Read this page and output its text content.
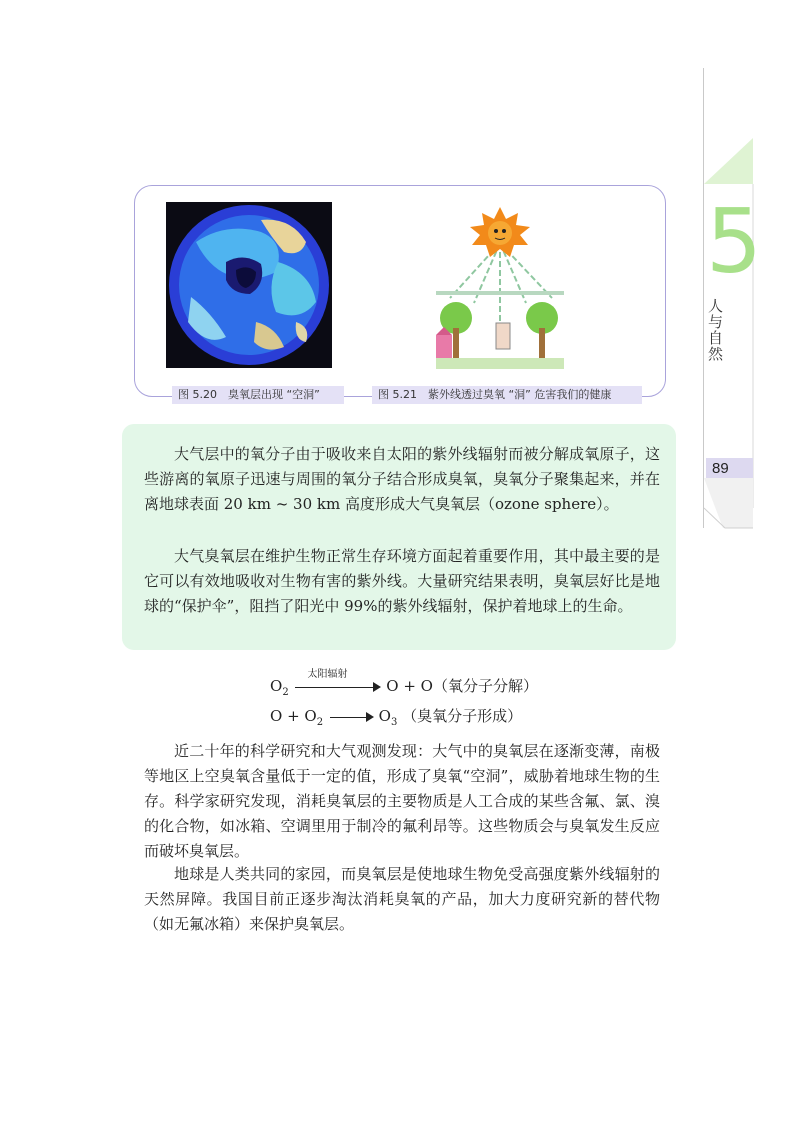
5
人与自然
89
图 5.20　臭氧层出现 “空洞”	图 5.21　紫外线透过臭氧 “洞” 危害我们的健康
大气层中的氧分子由于吸收来自太阳的紫外线辐射而被分解成氧原子，这些游离的氧原子迅速与周围的氧分子结合形成臭氧，臭氧分子聚集起来，并在离地球表面 20 km ~ 30 km 高度形成大气臭氧层（ozone sphere）。
大气臭氧层在维护生物正常生存环境方面起着重要作用，其中最主要的是它可以有效地吸收对生物有害的紫外线。大量研究结果表明，臭氧层好比是地球的“保护伞”，阻挡了阳光中 99%的紫外线辐射，保护着地球上的生命。
$O_2$
太阳辐射
O + O（氧分子分解）
$O + O_2$	$O_3$ （臭氧分子形成）
近二十年的科学研究和大气观测发现：大气中的臭氧层在逐渐变薄，南极等地区上空臭氧含量低于一定的值，形成了臭氧“空洞”，威胁着地球生物的生存。科学家研究发现，消耗臭氧层的主要物质是人工合成的某些含氟、氯、溴的化合物，如冰箱、空调里用于制冷的氟利昂等。这些物质会与臭氧发生反应而破坏臭氧层。
地球是人类共同的家园，而臭氧层是使地球生物免受高强度紫外线辐射的天然屏障。我国目前正逐步淘汰消耗臭氧的产品，加大力度研究新的替代物（如无氟冰箱）来保护臭氧层。
